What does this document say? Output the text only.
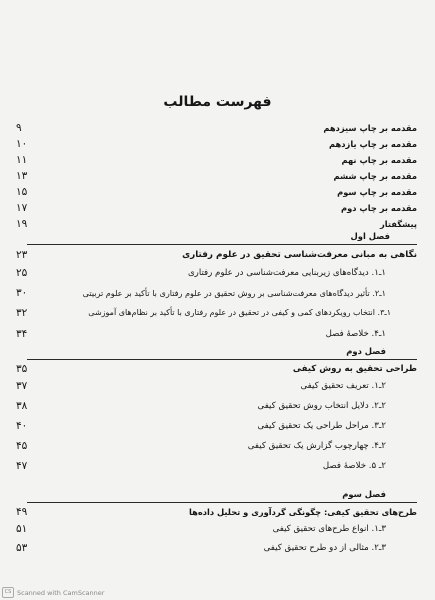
فهرست مطالب
مقدمه بر چاپ سیزدهم
۹
مقدمه بر چاپ یازدهم
۱۰
مقدمه بر چاپ نهم
۱۱
مقدمه بر چاپ ششم
۱۳
مقدمه بر چاپ سوم
۱۵
مقدمه بر چاپ دوم
۱۷
پیشگفتار
۱۹
فصل اول
نگاهی به مبانی معرفت‌شناسی تحقیق در علوم رفتاری
۲۳
۱ـ۱. دیدگاه‌های زیربنایی معرفت‌شناسی در علوم رفتاری
۲۵
۱ـ۲. تأثیر دیدگاه‌های معرفت‌شناسی بر روش تحقیق در علوم رفتاری با تأکید بر علوم تربیتی
۳۰
۱ـ۳. انتخاب رویکردهای کمی و کیفی در تحقیق در علوم رفتاری با تأکید بر نظام‌های آموزشی
۳۲
۱ـ۴. خلاصهٔ فصل
۳۴
فصل دوم
طراحی تحقیق به روش کیفی
۳۵
۲ـ۱. تعریف تحقیق کیفی
۳۷
۲ـ۲. دلایل انتخاب روش تحقیق کیفی
۳۸
۲ـ۳. مراحل طراحی یک تحقیق کیفی
۴۰
۲ـ۴. چهارچوب گزارش یک تحقیق کیفی
۴۵
۲ـ ۵. خلاصهٔ فصل
۴۷
فصل سوم
طرح‌های تحقیق کیفی: چگونگی گردآوری و تحلیل داده‌ها
۴۹
۳ـ۱. انواع طرح‌های تحقیق کیفی
۵۱
۳ـ۲. مثالی از دو طرح تحقیق کیفی
۵۳
CS Scanned with CamScanner
